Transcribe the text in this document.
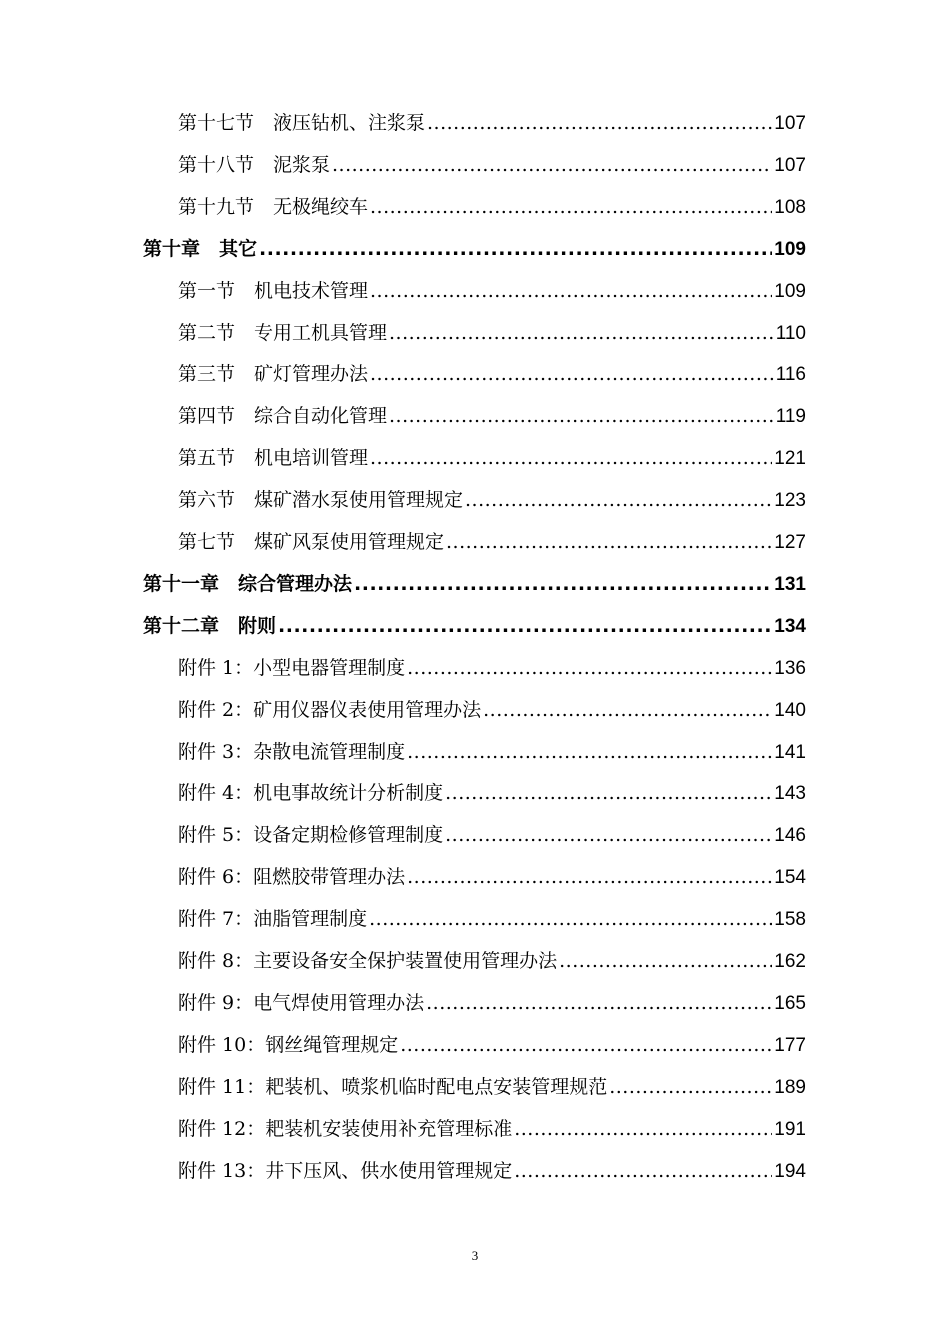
第十七节　液压钻机、注浆泵 .....	107
第十八节　泥浆泵 .....	107
第十九节　无极绳绞车 .....	108
第十章　其它 .....	109
第一节　机电技术管理 .....	109
第二节　专用工机具管理 .....	110
第三节　矿灯管理办法 .....	116
第四节　综合自动化管理 .....	119
第五节　机电培训管理 .....	121
第六节　煤矿潜水泵使用管理规定 .....	123
第七节　煤矿风泵使用管理规定 .....	127
第十一章　综合管理办法 .....	131
第十二章　附则 .....	134
附件 1：小型电器管理制度 .....	136
附件 2：矿用仪器仪表使用管理办法 .....	140
附件 3：杂散电流管理制度 .....	141
附件 4：机电事故统计分析制度 .....	143
附件 5：设备定期检修管理制度 .....	146
附件 6：阻燃胶带管理办法 .....	154
附件 7：油脂管理制度 .....	158
附件 8：主要设备安全保护装置使用管理办法 .....	162
附件 9：电气焊使用管理办法 .....	165
附件 10：钢丝绳管理规定 .....	177
附件 11：耙装机、喷浆机临时配电点安装管理规范 .....	189
附件 12：耙装机安装使用补充管理标准 .....	191
附件 13：井下压风、供水使用管理规定 .....	194
3
